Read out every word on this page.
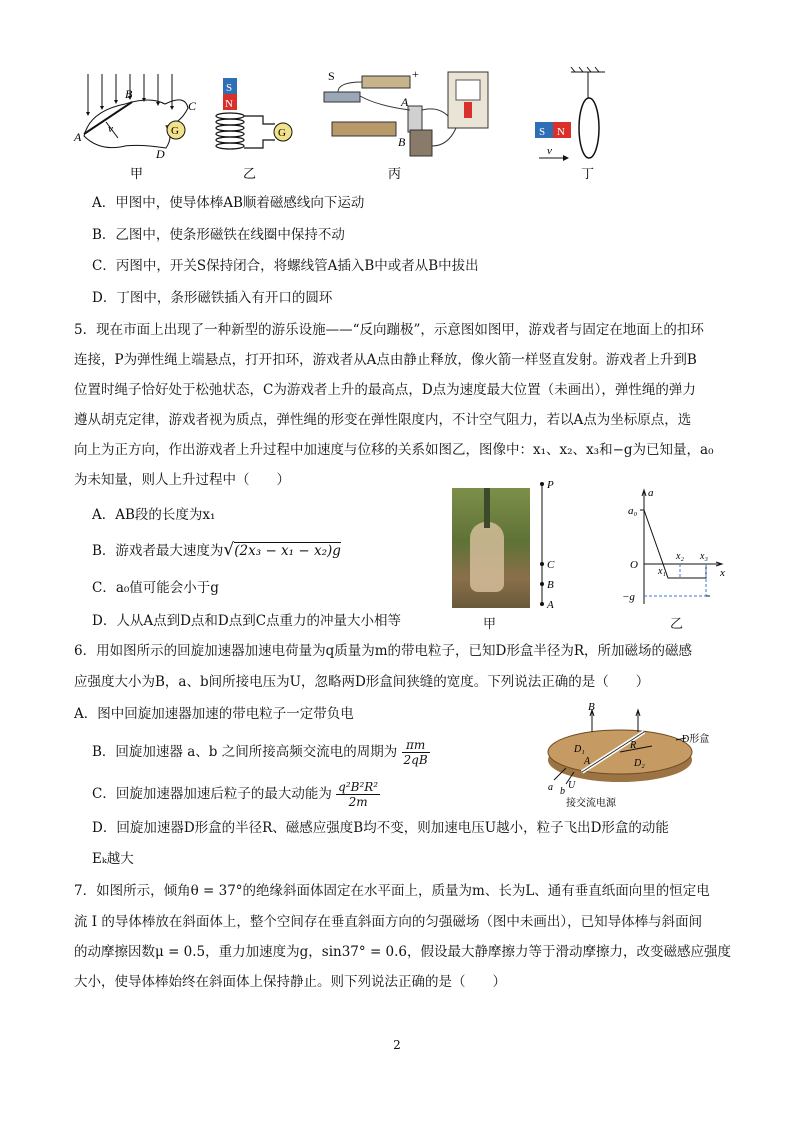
G
A
B
C
D
v
甲
S
N
G
乙
S	+
A
B
丙
S N
v
丁
A．甲图中，使导体棒AB顺着磁感线向下运动
B．乙图中，使条形磁铁在线圈中保持不动
C．丙图中，开关S保持闭合，将螺线管A插入B中或者从B中拔出
D．丁图中，条形磁铁插入有开口的圆环
5．现在市面上出现了一种新型的游乐设施——“反向蹦极”，示意图如图甲，游戏者与固定在地面上的扣环
连接，P为弹性绳上端悬点，打开扣环，游戏者从A点由静止释放，像火箭一样竖直发射。游戏者上升到B
位置时绳子恰好处于松弛状态，C为游戏者上升的最高点，D点为速度最大位置（未画出），弹性绳的弹力
遵从胡克定律，游戏者视为质点，弹性绳的形变在弹性限度内，不计空气阻力，若以A点为坐标原点，选
向上为正方向，作出游戏者上升过程中加速度与位移的关系如图乙，图像中：x₁、x₂、x₃和−g为已知量，a₀
为未知量，则人上升过程中（　　）
A．AB段的长度为x₁
B．游戏者最大速度为√(2x₃ − x₁ − x₂)g
C．a₀值可能会小于g
D．人从A点到D点和D点到C点重力的冲量大小相等
P
C
B
A
甲
a
a₀
O
x
x₁
x₂ x₃
−g
乙
6．用如图所示的回旋加速器加速电荷量为q质量为m的带电粒子，已知D形盒半径为R，所加磁场的磁感
应强度大小为B，a、b间所接电压为U，忽略两D形盒间狭缝的宽度。下列说法正确的是（　　）
A．图中回旋加速器加速的带电粒子一定带负电
B．回旋加速器 a、b 之间所接高频交流电的周期为 $\frac{\pi m}{2qB}$
C．回旋加速器加速后粒子的最大动能为 $\frac{\text{q²B²R²}}{2m}$
D．回旋加速器D形盒的半径R、磁感应强度B均不变，则加速电压U越小，粒子飞出D形盒的动能
Eₖ越大
B
D形盒
D₁
D₂
A
R
a b
U
接交流电源
7．如图所示，倾角θ = 37°的绝缘斜面体固定在水平面上，质量为m、长为L、通有垂直纸面向里的恒定电
流 I 的导体棒放在斜面体上，整个空间存在垂直斜面方向的匀强磁场（图中未画出），已知导体棒与斜面间
的动摩擦因数μ = 0.5，重力加速度为g，sin37° = 0.6，假设最大静摩擦力等于滑动摩擦力，改变磁感应强度
大小，使导体棒始终在斜面体上保持静止。则下列说法正确的是（　　）
2
